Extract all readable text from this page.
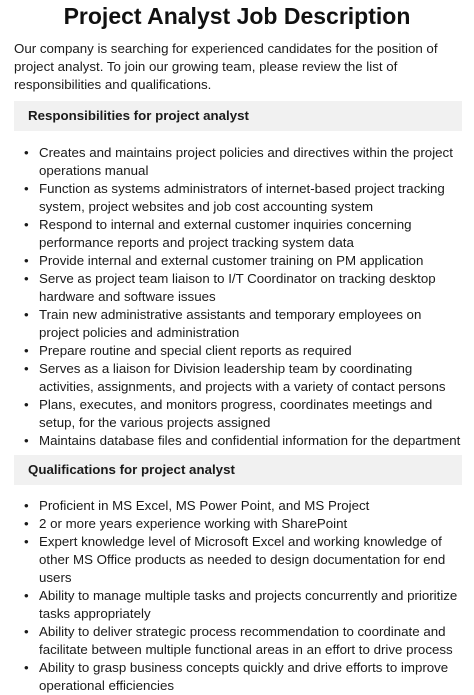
Project Analyst Job Description

Our company is searching for experienced candidates for the position of project analyst. To join our growing team, please review the list of responsibilities and qualifications.

Responsibilities for project analyst
• Creates and maintains project policies and directives within the project operations manual
• Function as systems administrators of internet-based project tracking system, project websites and job cost accounting system
• Respond to internal and external customer inquiries concerning performance reports and project tracking system data
• Provide internal and external customer training on PM application
• Serve as project team liaison to I/T Coordinator on tracking desktop hardware and software issues
• Train new administrative assistants and temporary employees on project policies and administration
• Prepare routine and special client reports as required
• Serves as a liaison for Division leadership team by coordinating activities, assignments, and projects with a variety of contact persons
• Plans, executes, and monitors progress, coordinates meetings and setup, for the various projects assigned
• Maintains database files and confidential information for the department
Qualifications for project analyst
• Proficient in MS Excel, MS Power Point, and MS Project
• 2 or more years experience working with SharePoint
• Expert knowledge level of Microsoft Excel and working knowledge of other MS Office products as needed to design documentation for end users
• Ability to manage multiple tasks and projects concurrently and prioritize tasks appropriately
• Ability to deliver strategic process recommendation to coordinate and facilitate between multiple functional areas in an effort to drive process
• Ability to grasp business concepts quickly and drive efforts to improve operational efficiencies
